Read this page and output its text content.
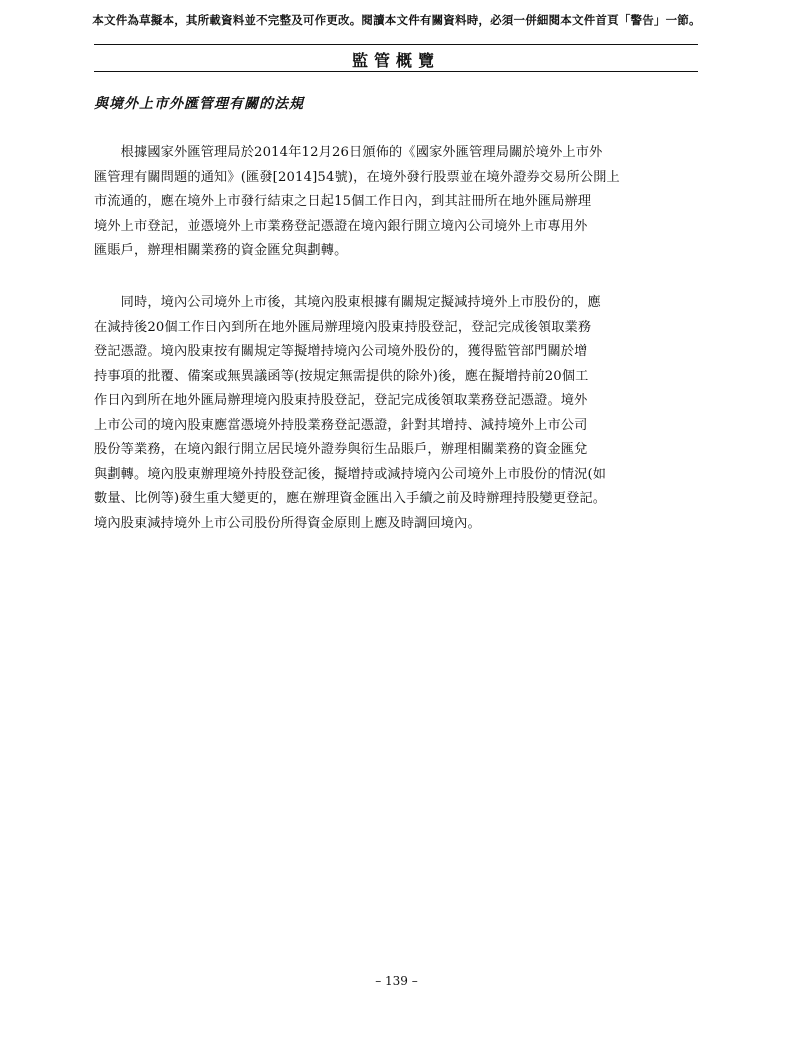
本文件為草擬本，其所載資料並不完整及可作更改。閱讀本文件有關資料時，必須一併細閱本文件首頁「警告」一節。
監管概覽
與境外上市外匯管理有關的法規
　　根據國家外匯管理局於2014年12月26日頒佈的《國家外匯管理局關於境外上市外
匯管理有關問題的通知》(匯發[2014]54號)，在境外發行股票並在境外證券交易所公開上
市流通的，應在境外上市發行結束之日起15個工作日內，到其註冊所在地外匯局辦理
境外上市登記，並憑境外上市業務登記憑證在境內銀行開立境內公司境外上市專用外
匯賬戶，辦理相關業務的資金匯兌與劃轉。
　　同時，境內公司境外上市後，其境內股東根據有關規定擬減持境外上市股份的，應
在減持後20個工作日內到所在地外匯局辦理境內股東持股登記，登記完成後領取業務
登記憑證。境內股東按有關規定等擬增持境內公司境外股份的，獲得監管部門關於增
持事項的批覆、備案或無異議函等(按規定無需提供的除外)後，應在擬增持前20個工
作日內到所在地外匯局辦理境內股東持股登記，登記完成後領取業務登記憑證。境外
上市公司的境內股東應當憑境外持股業務登記憑證，針對其增持、減持境外上市公司
股份等業務，在境內銀行開立居民境外證券與衍生品賬戶，辦理相關業務的資金匯兌
與劃轉。境內股東辦理境外持股登記後，擬增持或減持境內公司境外上市股份的情況(如
數量、比例等)發生重大變更的，應在辦理資金匯出入手續之前及時辦理持股變更登記。
境內股東減持境外上市公司股份所得資金原則上應及時調回境內。
– 139 –
